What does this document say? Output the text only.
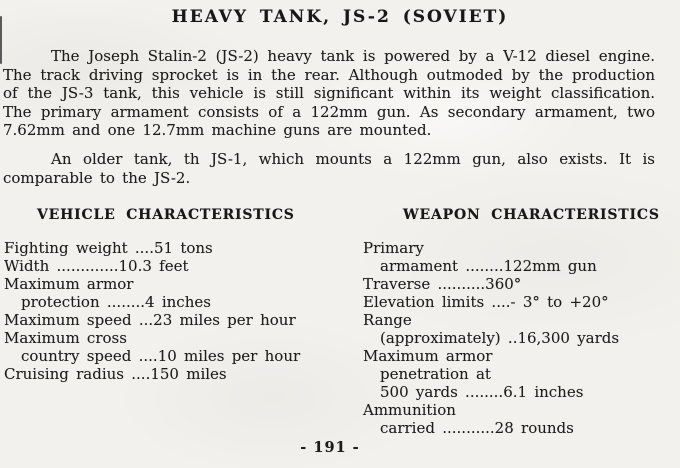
HEAVY TANK, JS-2 (SOVIET)

The Joseph Stalin-2 (JS-2) heavy tank is powered by a V-12 diesel engine. The track driving sprocket is in the rear. Although outmoded by the production of the JS-3 tank, this vehicle is still significant within its weight classification. The primary armament consists of a 122mm gun. As secondary armament, two 7.62mm and one 12.7mm machine guns are mounted.

An older tank, th JS-1, which mounts a 122mm gun, also exists. It is comparable to the JS-2.

VEHICLE CHARACTERISTICS
Fighting weight ....51 tons
Width .............10.3 feet
Maximum armor
protection ........4 inches
Maximum speed ...23 miles per hour
Maximum cross
country speed ....10 miles per hour
Cruising radius ....150 miles
WEAPON CHARACTERISTICS
Primary
armament ........122mm gun
Traverse ..........360°
Elevation limits ....- 3° to +20°
Range
(approximately) ..16,300 yards
Maximum armor
penetration at
500 yards ........6.1 inches
Ammunition
carried ...........28 rounds
- 191 -
